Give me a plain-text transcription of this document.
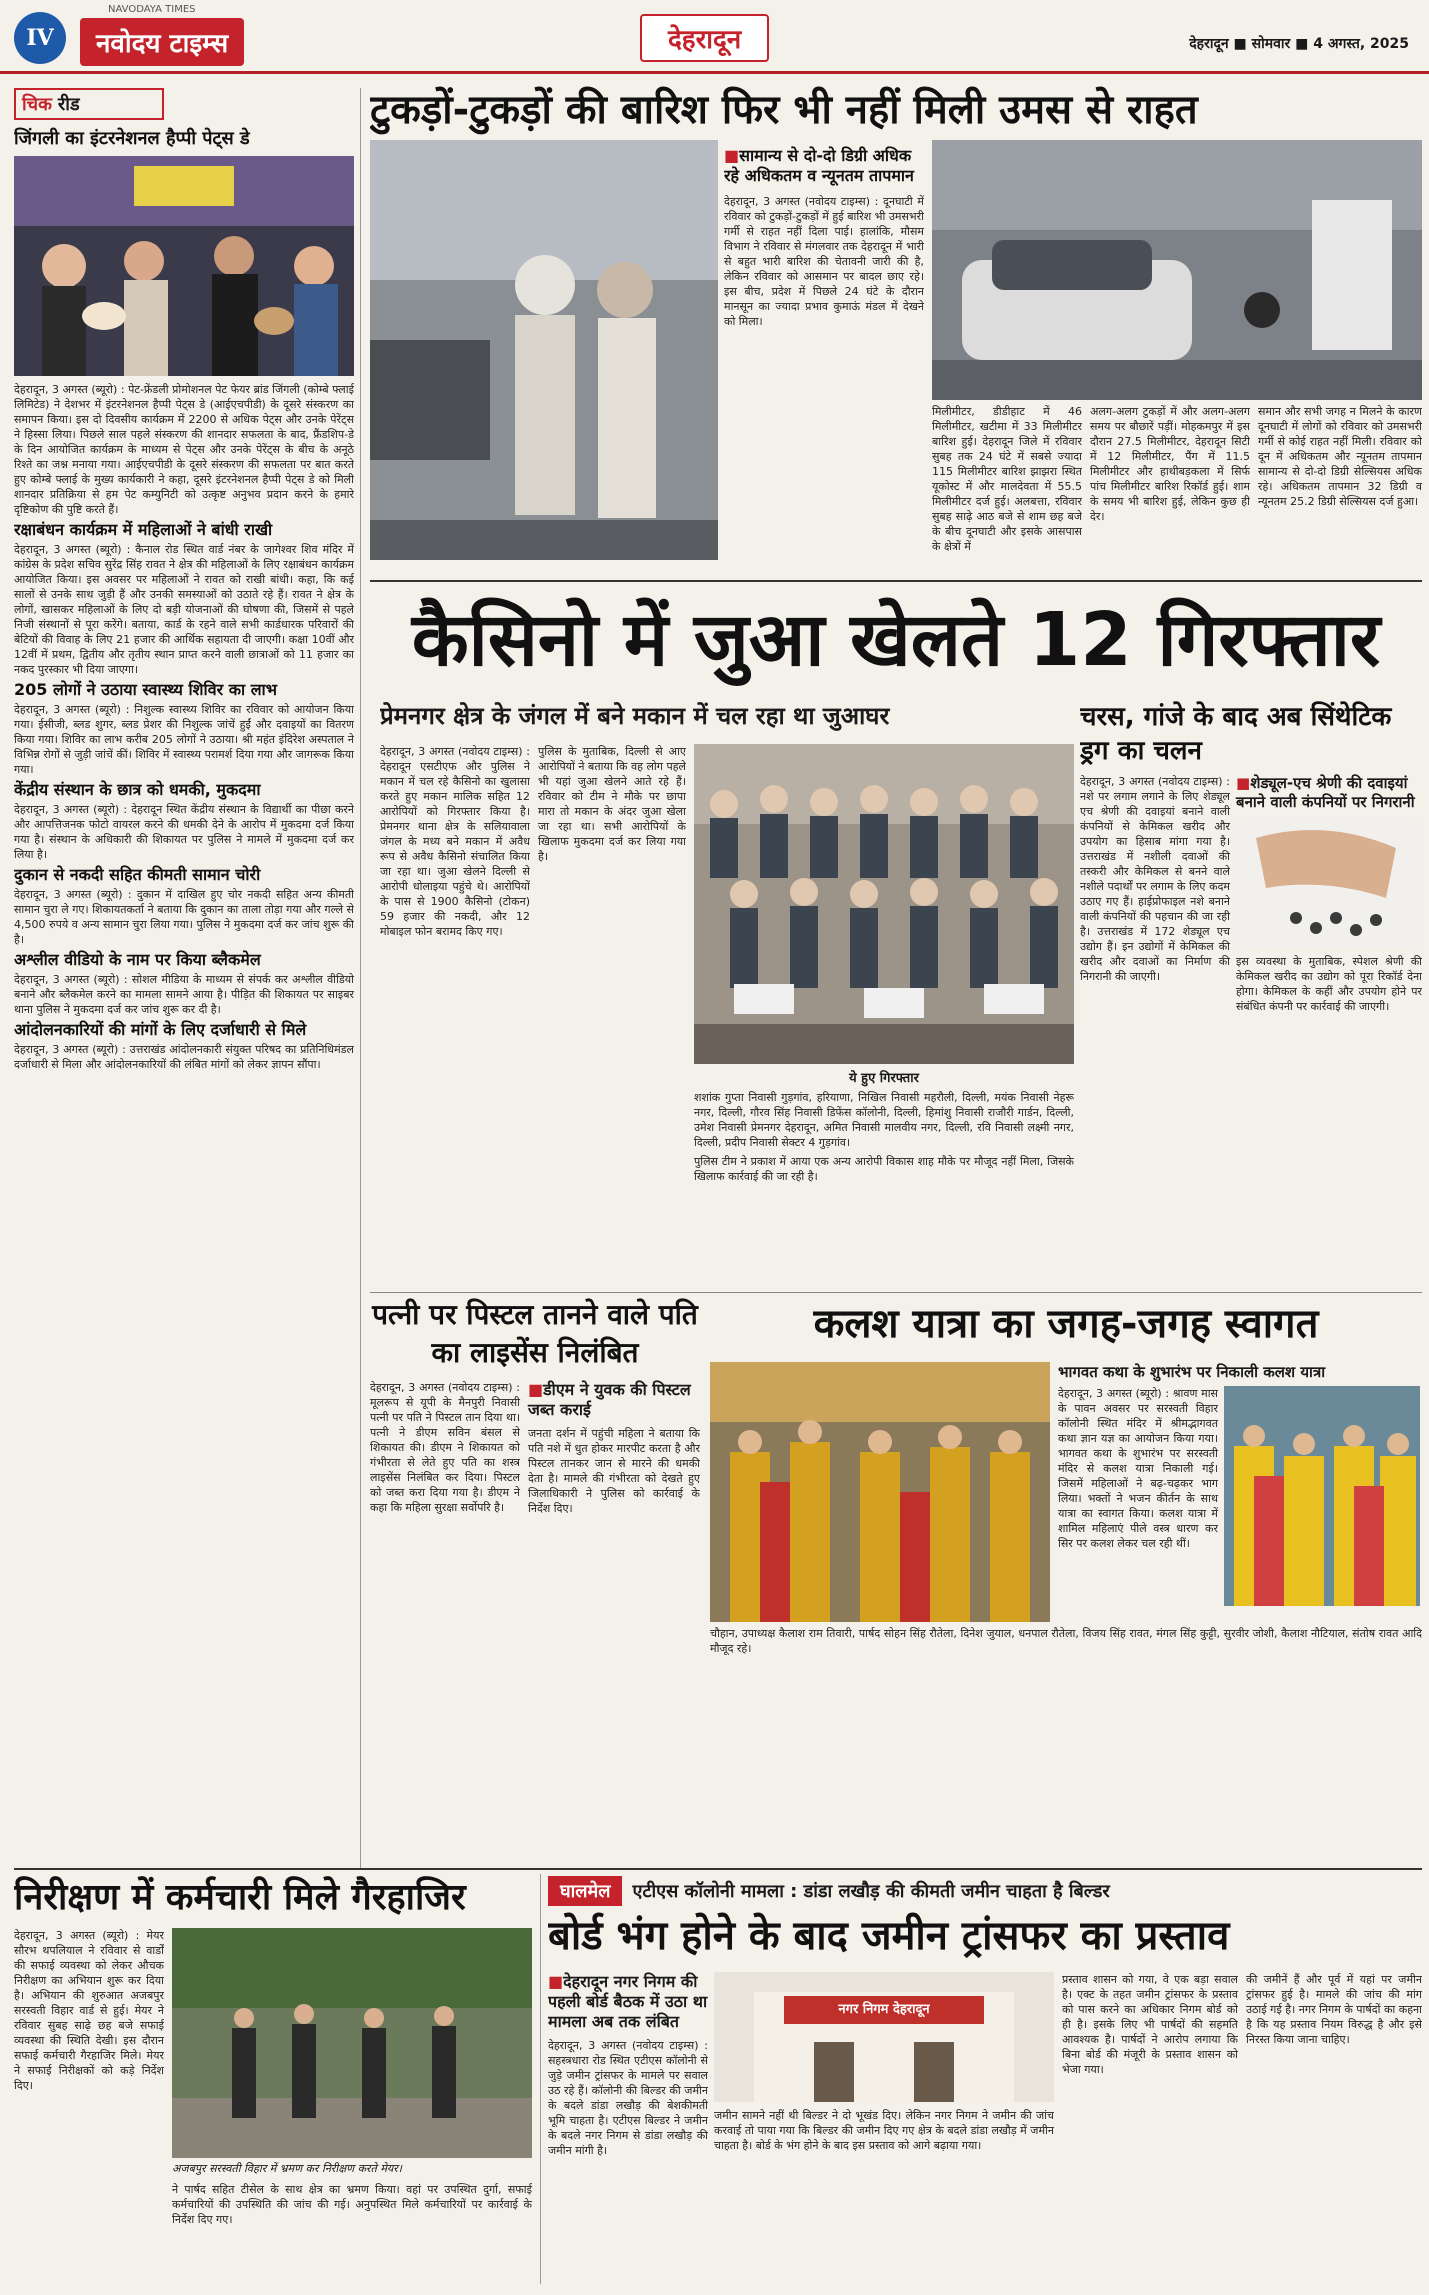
IV
NAVODAYA TIMES
नवोदय टाइम्स	देहरादून	देहरादून ■ सोमवार ■ 4 अगस्त, 2025
चिक रीड
जिंगली का इंटरनेशनल हैप्पी पेट्स डे
देहरादून, 3 अगस्त (ब्यूरो) : पेट-फ्रेंडली प्रोमोशनल पेट फेयर ब्रांड जिंगली (कोम्बे फ्लाई लिमिटेड) ने देशभर में इंटरनेशनल हैप्पी पेट्स डे (आईएचपीडी) के दूसरे संस्करण का समापन किया। इस दो दिवसीय कार्यक्रम में 2200 से अधिक पेट्स और उनके पेरेंट्स ने हिस्सा लिया। पिछले साल पहले संस्करण की शानदार सफलता के बाद, फ्रैंडशिप-डे के दिन आयोजित कार्यक्रम के माध्यम से पेट्स और उनके पेरेंट्स के बीच के अनूठे रिश्ते का जश्न मनाया गया। आईएचपीडी के दूसरे संस्करण की सफलता पर बात करते हुए कोम्बे फ्लाई के मुख्य कार्यकारी ने कहा, दूसरे इंटरनेशनल हैप्पी पेट्स डे को मिली शानदार प्रतिक्रिया से हम पेट कम्युनिटी को उत्कृष्ट अनुभव प्रदान करने के हमारे दृष्टिकोण की पुष्टि करते हैं।
रक्षाबंधन कार्यक्रम में महिलाओं ने बांधी राखी
देहरादून, 3 अगस्त (ब्यूरो) : कैनाल रोड स्थित वार्ड नंबर के जागेश्वर शिव मंदिर में कांग्रेस के प्रदेश सचिव सुरेंद्र सिंह रावत ने क्षेत्र की महिलाओं के लिए रक्षाबंधन कार्यक्रम आयोजित किया। इस अवसर पर महिलाओं ने रावत को राखी बांधी। कहा, कि कई सालों से उनके साथ जुड़ी हैं और उनकी समस्याओं को उठाते रहे हैं। रावत ने क्षेत्र के लोगों, खासकर महिलाओं के लिए दो बड़ी योजनाओं की घोषणा की, जिसमें से पहले निजी संस्थानों से पूरा करेंगे। बताया, कार्ड के रहने वाले सभी कार्डधारक परिवारों की बेटियों की विवाह के लिए 21 हजार की आर्थिक सहायता दी जाएगी। कक्षा 10वीं और 12वीं में प्रथम, द्वितीय और तृतीय स्थान प्राप्त करने वाली छात्राओं को 11 हजार का नकद पुरस्कार भी दिया जाएगा।
205 लोगों ने उठाया स्वास्थ्य शिविर का लाभ
देहरादून, 3 अगस्त (ब्यूरो) : निशुल्क स्वास्थ्य शिविर का रविवार को आयोजन किया गया। ईसीजी, ब्लड शुगर, ब्लड प्रेशर की निशुल्क जांचें हुईं और दवाइयों का वितरण किया गया। शिविर का लाभ करीब 205 लोगों ने उठाया। श्री महंत इंदिरेश अस्पताल ने विभिन्न रोगों से जुड़ी जांचें कीं। शिविर में स्वास्थ्य परामर्श दिया गया और जागरूक किया गया।
केंद्रीय संस्थान के छात्र को धमकी, मुकदमा
देहरादून, 3 अगस्त (ब्यूरो) : देहरादून स्थित केंद्रीय संस्थान के विद्यार्थी का पीछा करने और आपत्तिजनक फोटो वायरल करने की धमकी देने के आरोप में मुकदमा दर्ज किया गया है। संस्थान के अधिकारी की शिकायत पर पुलिस ने मामले में मुकदमा दर्ज कर लिया है।
दुकान से नकदी सहित कीमती सामान चोरी
देहरादून, 3 अगस्त (ब्यूरो) : दुकान में दाखिल हुए चोर नकदी सहित अन्य कीमती सामान चुरा ले गए। शिकायतकर्ता ने बताया कि दुकान का ताला तोड़ा गया और गल्ले से 4,500 रुपये व अन्य सामान चुरा लिया गया। पुलिस ने मुकदमा दर्ज कर जांच शुरू की है।
अश्लील वीडियो के नाम पर किया ब्लैकमेल
देहरादून, 3 अगस्त (ब्यूरो) : सोशल मीडिया के माध्यम से संपर्क कर अश्लील वीडियो बनाने और ब्लैकमेल करने का मामला सामने आया है। पीड़ित की शिकायत पर साइबर थाना पुलिस ने मुकदमा दर्ज कर जांच शुरू कर दी है।
आंदोलनकारियों की मांगों के लिए दर्जाधारी से मिले
देहरादून, 3 अगस्त (ब्यूरो) : उत्तराखंड आंदोलनकारी संयुक्त परिषद का प्रतिनिधिमंडल दर्जाधारी से मिला और आंदोलनकारियों की लंबित मांगों को लेकर ज्ञापन सौंपा।
टुकड़ों-टुकड़ों की बारिश फिर भी नहीं मिली उमस से राहत
■सामान्य से दो-दो डिग्री अधिक रहे अधिकतम व न्यूनतम तापमान
देहरादून, 3 अगस्त (नवोदय टाइम्स) : दूनघाटी में रविवार को टुकड़ों-टुकड़ों में हुई बारिश भी उमसभरी गर्मी से राहत नहीं दिला पाई। हालांकि, मौसम विभाग ने रविवार से मंगलवार तक देहरादून में भारी से बहुत भारी बारिश की चेतावनी जारी की है, लेकिन रविवार को आसमान पर बादल छाए रहे। इस बीच, प्रदेश में पिछले 24 घंटे के दौरान मानसून का ज्यादा प्रभाव कुमाऊं मंडल में देखने को मिला।
मिलीमीटर, डीडीहाट में 46 मिलीमीटर, खटीमा में 33 मिलीमीटर बारिश हुई। देहरादून जिले में रविवार सुबह तक 24 घंटे में सबसे ज्यादा 115 मिलीमीटर बारिश झाझरा स्थित यूकोस्ट में और मालदेवता में 55.5 मिलीमीटर दर्ज हुई। अलबत्ता, रविवार सुबह साढ़े आठ बजे से शाम छह बजे के बीच दूनघाटी और इसके आसपास के क्षेत्रों में
अलग-अलग टुकड़ों में और अलग-अलग समय पर बौछारें पड़ीं। मोहकमपुर में इस दौरान 27.5 मिलीमीटर, देहरादून सिटी में 12 मिलीमीटर, पैंग में 11.5 मिलीमीटर और हाथीबड़कला में सिर्फ पांच मिलीमीटर बारिश रिकॉर्ड हुई। शाम के समय भी बारिश हुई, लेकिन कुछ ही देर।
समान और सभी जगह न मिलने के कारण दूनघाटी में लोगों को रविवार को उमसभरी गर्मी से कोई राहत नहीं मिली। रविवार को दून में अधिकतम और न्यूनतम तापमान सामान्य से दो-दो डिग्री सेल्सियस अधिक रहे। अधिकतम तापमान 32 डिग्री व न्यूनतम 25.2 डिग्री सेल्सियस दर्ज हुआ।
कैसिनो में जुआ खेलते 12 गिरफ्तार
प्रेमनगर क्षेत्र के जंगल में बने मकान में चल रहा था जुआघर
देहरादून, 3 अगस्त (नवोदय टाइम्स) : देहरादून एसटीएफ और पुलिस ने मकान में चल रहे कैसिनो का खुलासा करते हुए मकान मालिक सहित 12 आरोपियों को गिरफ्तार किया है। प्रेमनगर थाना क्षेत्र के सलियावाला जंगल के मध्य बने मकान में अवैध रूप से अवैध कैसिनो संचालित किया जा रहा था। जुआ खेलने दिल्ली से आरोपी धोलाइया पहुंचे थे। आरोपियों के पास से 1900 कैसिनो (टोकन) 59 हजार की नकदी, और 12 मोबाइल फोन बरामद किए गए।
पुलिस के मुताबिक, दिल्ली से आए आरोपियों ने बताया कि वह लोग पहले भी यहां जुआ खेलने आते रहे हैं। रविवार को टीम ने मौके पर छापा मारा तो मकान के अंदर जुआ खेला जा रहा था। सभी आरोपियों के खिलाफ मुकदमा दर्ज कर लिया गया है।
ये हुए गिरफ्तार
शशांक गुप्ता निवासी गुड़गांव, हरियाणा, निखिल निवासी महरौली, दिल्ली, मयंक निवासी नेहरू नगर, दिल्ली, गौरव सिंह निवासी डिफेंस कॉलोनी, दिल्ली, हिमांशु निवासी राजौरी गार्डन, दिल्ली, उमेश निवासी प्रेमनगर देहरादून, अमित निवासी मालवीय नगर, दिल्ली, रवि निवासी लक्ष्मी नगर, दिल्ली, प्रदीप निवासी सेक्टर 4 गुड़गांव।
पुलिस टीम ने प्रकाश में आया एक अन्य आरोपी विकास शाह मौके पर मौजूद नहीं मिला, जिसके खिलाफ कार्रवाई की जा रही है।
चरस, गांजे के बाद अब सिंथेटिक ड्रग का चलन
देहरादून, 3 अगस्त (नवोदय टाइम्स) : नशे पर लगाम लगाने के लिए शेड्यूल एच श्रेणी की दवाइयां बनाने वाली कंपनियों से केमिकल खरीद और उपयोग का हिसाब मांगा गया है। उत्तराखंड में नशीली दवाओं की तस्करी और केमिकल से बनने वाले नशीले पदार्थों पर लगाम के लिए कदम उठाए गए हैं। हाईप्रोफाइल नशे बनाने वाली कंपनियों की पहचान की जा रही है। उत्तराखंड में 172 शेड्यूल एच उद्योग हैं। इन उद्योगों में केमिकल की खरीद और दवाओं का निर्माण की निगरानी की जाएगी।
■शेड्यूल-एच श्रेणी की दवाइयां बनाने वाली कंपनियों पर निगरानी
इस व्यवस्था के मुताबिक, स्पेशल श्रेणी की केमिकल खरीद का उद्योग को पूरा रिकॉर्ड देना होगा। केमिकल के कहीं और उपयोग होने पर संबंधित कंपनी पर कार्रवाई की जाएगी।
पत्नी पर पिस्टल तानने वाले पति का लाइसेंस निलंबित
देहरादून, 3 अगस्त (नवोदय टाइम्स) : मूलरूप से यूपी के मैनपुरी निवासी पत्नी पर पति ने पिस्टल तान दिया था। पत्नी ने डीएम सविन बंसल से शिकायत की। डीएम ने शिकायत को गंभीरता से लेते हुए पति का शस्त्र लाइसेंस निलंबित कर दिया। पिस्टल को जब्त करा दिया गया है। डीएम ने कहा कि महिला सुरक्षा सर्वोपरि है।
■डीएम ने युवक की पिस्टल जब्त कराई
जनता दर्शन में पहुंची महिला ने बताया कि पति नशे में धुत होकर मारपीट करता है और पिस्टल तानकर जान से मारने की धमकी देता है। मामले की गंभीरता को देखते हुए जिलाधिकारी ने पुलिस को कार्रवाई के निर्देश दिए।
कलश यात्रा का जगह-जगह स्वागत
भागवत कथा के शुभारंभ पर निकाली कलश यात्रा
देहरादून, 3 अगस्त (ब्यूरो) : श्रावण मास के पावन अवसर पर सरस्वती विहार कॉलोनी स्थित मंदिर में श्रीमद्भागवत कथा ज्ञान यज्ञ का आयोजन किया गया। भागवत कथा के शुभारंभ पर सरस्वती मंदिर से कलश यात्रा निकाली गई। जिसमें महिलाओं ने बढ़-चढ़कर भाग लिया। भक्तों ने भजन कीर्तन के साथ यात्रा का स्वागत किया। कलश यात्रा में शामिल महिलाएं पीले वस्त्र धारण कर सिर पर कलश लेकर चल रही थीं।
चौहान, उपाध्यक्ष कैलाश राम तिवारी, पार्षद सोहन सिंह रौतेला, दिनेश जुयाल, धनपाल रौतेला, विजय सिंह रावत, मंगल सिंह कुट्टी, सुरवीर जोशी, कैलाश नौटियाल, संतोष रावत आदि मौजूद रहे।
निरीक्षण में कर्मचारी मिले गैरहाजिर
देहरादून, 3 अगस्त (ब्यूरो) : मेयर सौरभ थपलियाल ने रविवार से वार्डों की सफाई व्यवस्था को लेकर औचक निरीक्षण का अभियान शुरू कर दिया है। अभियान की शुरुआत अजबपुर सरस्वती विहार वार्ड से हुई। मेयर ने रविवार सुबह साढ़े छह बजे सफाई व्यवस्था की स्थिति देखी। इस दौरान सफाई कर्मचारी गैरहाजिर मिले। मेयर ने सफाई निरीक्षकों को कड़े निर्देश दिए।
अजबपुर सरस्वती विहार में भ्रमण कर निरीक्षण करते मेयर।
ने पार्षद सहित टीसेल के साथ क्षेत्र का भ्रमण किया। वहां पर उपस्थित दुर्गा, सफाई कर्मचारियों की उपस्थिति की जांच की गई। अनुपस्थित मिले कर्मचारियों पर कार्रवाई के निर्देश दिए गए।
घालमेल	एटीएस कॉलोनी मामला : डांडा लखौड़ की कीमती जमीन चाहता है बिल्डर
बोर्ड भंग होने के बाद जमीन ट्रांसफर का प्रस्ताव
■देहरादून नगर निगम की पहली बोर्ड बैठक में उठा था मामला अब तक लंबित
देहरादून, 3 अगस्त (नवोदय टाइम्स) : सहस्त्रधारा रोड स्थित एटीएस कॉलोनी से जुड़े जमीन ट्रांसफर के मामले पर सवाल उठ रहे हैं। कॉलोनी की बिल्डर की जमीन के बदले डांडा लखौड़ की बेशकीमती भूमि चाहता है। एटीएस बिल्डर ने जमीन के बदले नगर निगम से डांडा लखौड़ की जमीन मांगी है।
नगर निगम देहरादून
जमीन सामने नहीं थी बिल्डर ने दो भूखंड दिए। लेकिन नगर निगम ने जमीन की जांच करवाई तो पाया गया कि बिल्डर की जमीन दिए गए क्षेत्र के बदले डांडा लखौड़ में जमीन चाहता है। बोर्ड के भंग होने के बाद इस प्रस्ताव को आगे बढ़ाया गया।
प्रस्ताव शासन को गया, वे एक बड़ा सवाल है। एक्ट के तहत जमीन ट्रांसफर के प्रस्ताव को पास करने का अधिकार निगम बोर्ड को ही है। इसके लिए भी पार्षदों की सहमति आवश्यक है। पार्षदों ने आरोप लगाया कि बिना बोर्ड की मंजूरी के प्रस्ताव शासन को भेजा गया।
की जमीनें हैं और पूर्व में यहां पर जमीन ट्रांसफर हुई है। मामले की जांच की मांग उठाई गई है। नगर निगम के पार्षदों का कहना है कि यह प्रस्ताव नियम विरुद्ध है और इसे निरस्त किया जाना चाहिए।
